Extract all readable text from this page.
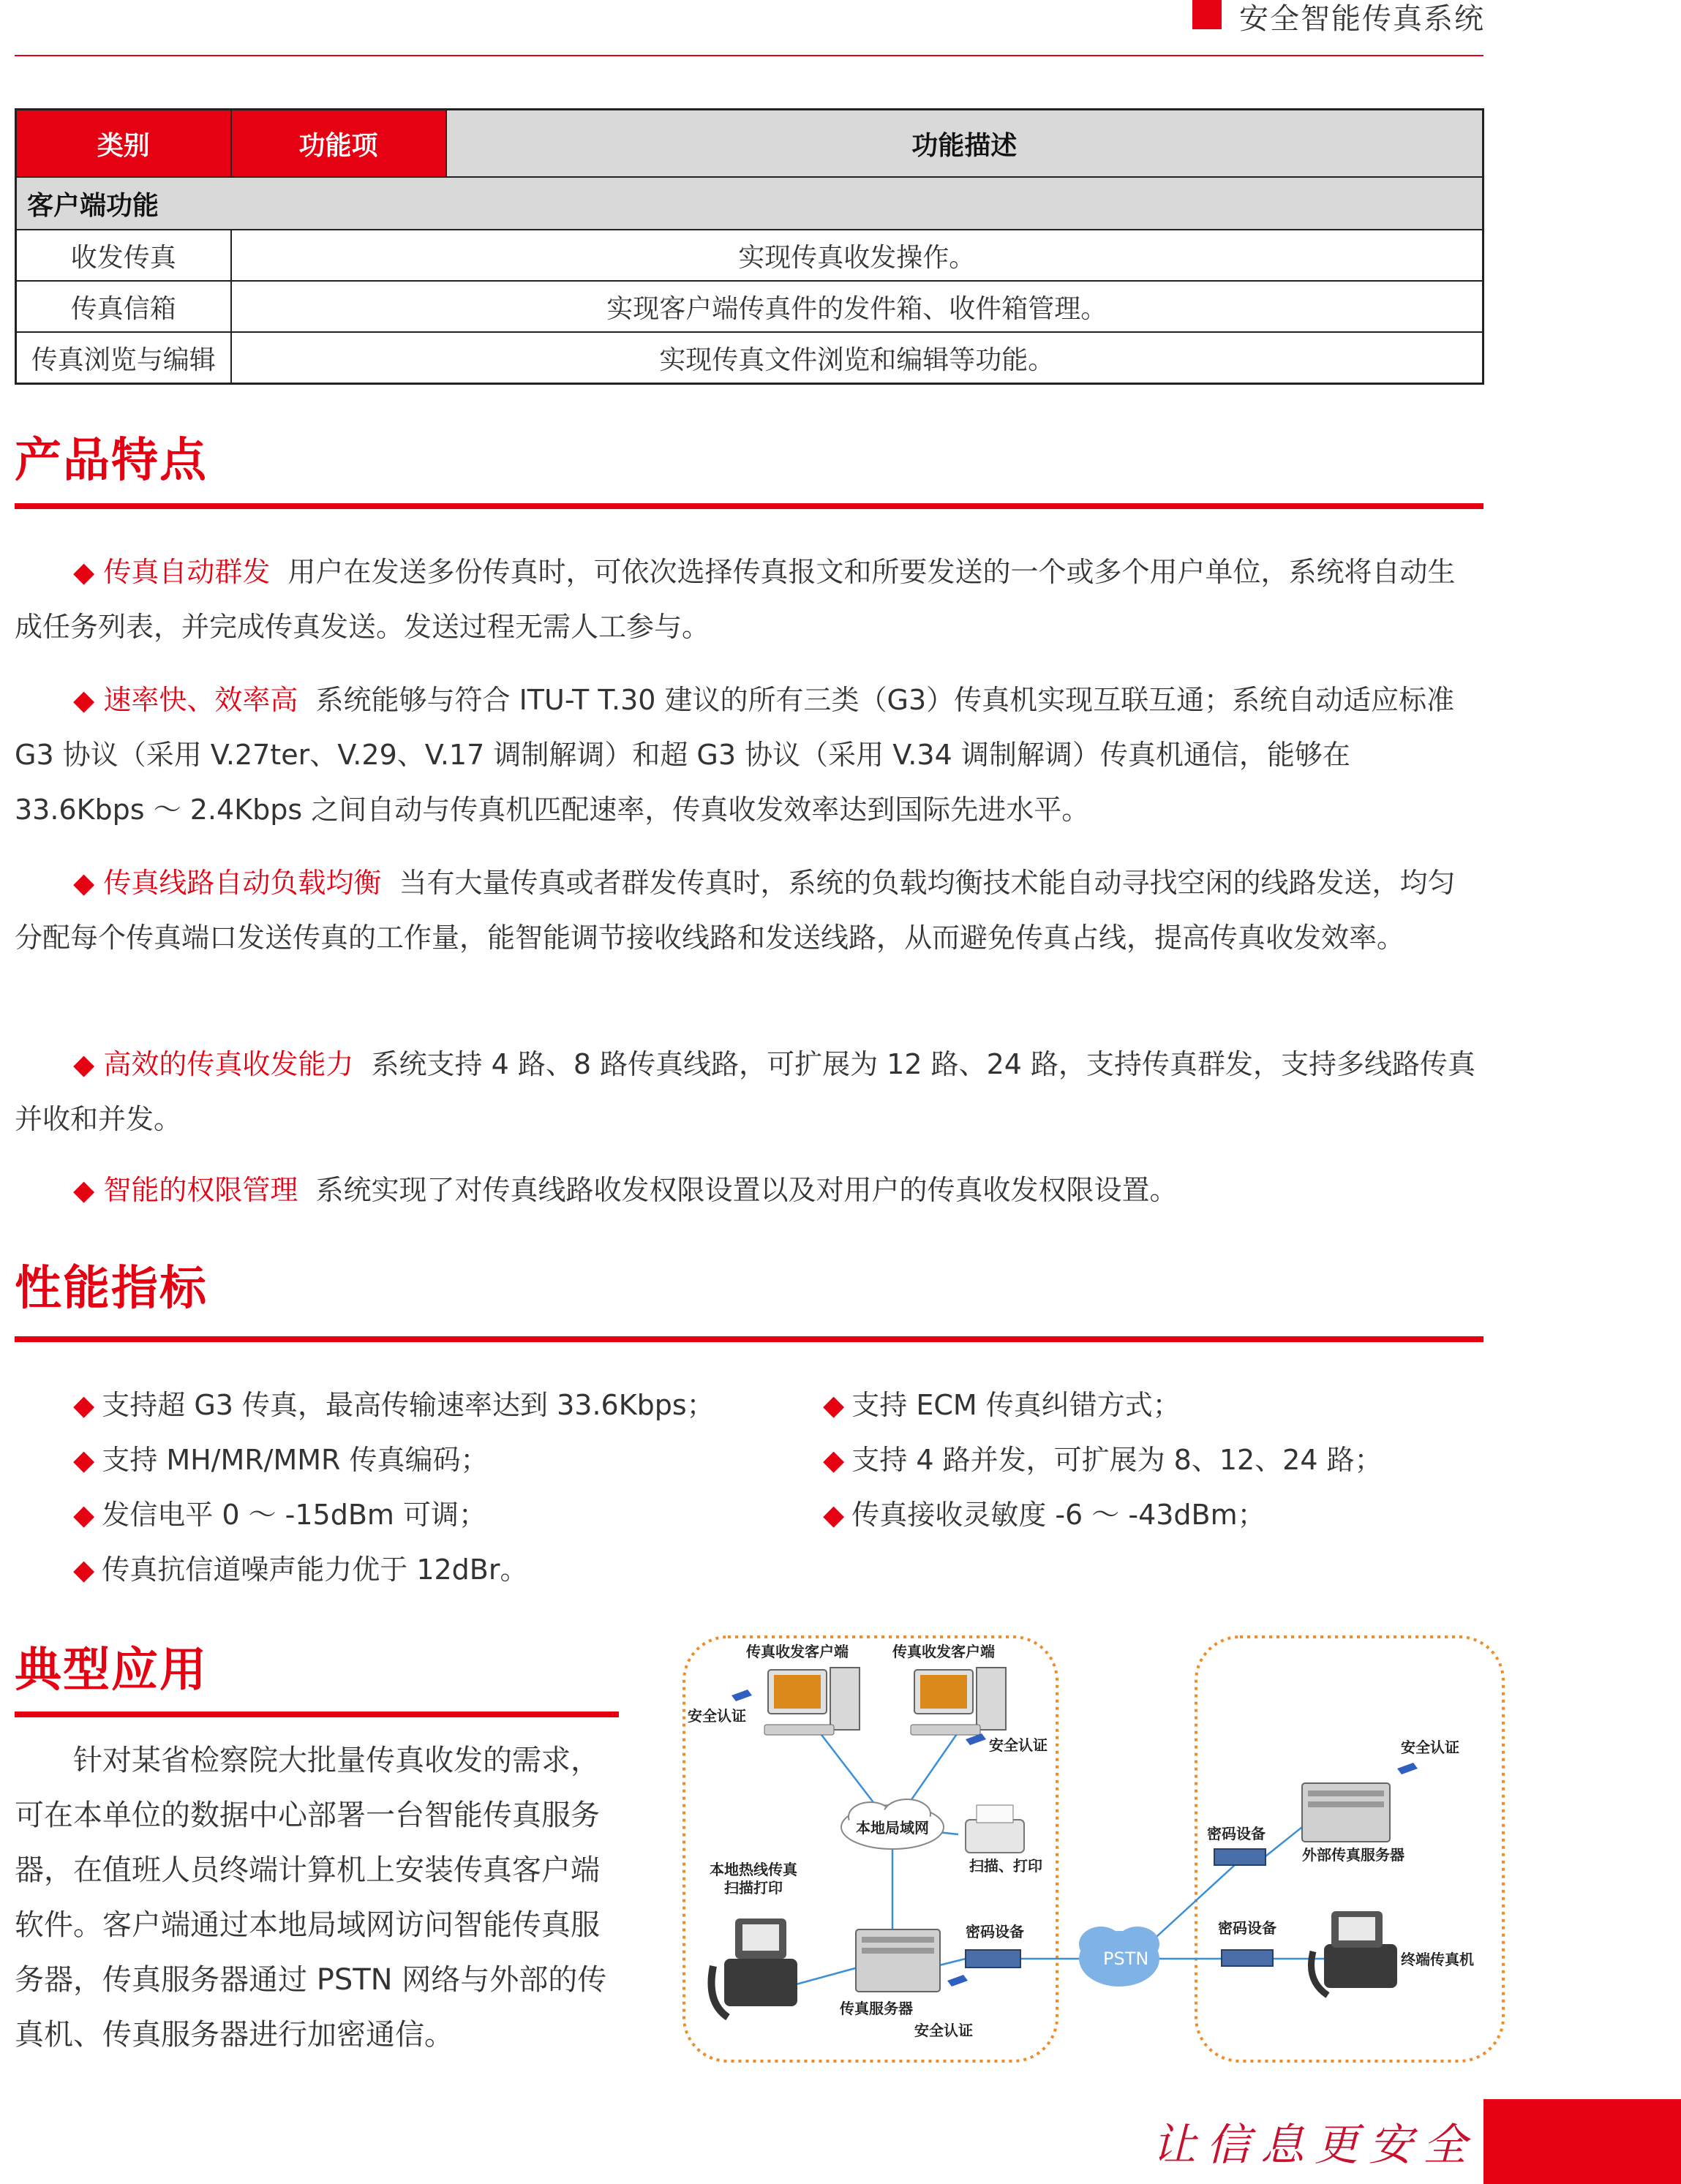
安全智能传真系统
类别	功能项	功能描述
客户端功能		
收发传真	实现传真收发操作。	
传真信箱	实现客户端传真件的发件箱、收件箱管理。	
传真浏览与编辑	实现传真文件浏览和编辑等功能。	
产品特点

◆ 传真自动群发 用户在发送多份传真时，可依次选择传真报文和所要发送的一个或多个用户单位，系统将自动生成任务列表，并完成传真发送。发送过程无需人工参与。

◆ 速率快、效率高 系统能够与符合 ITU-T T.30 建议的所有三类（G3）传真机实现互联互通；系统自动适应标准 G3 协议（采用 V.27ter、V.29、V.17 调制解调）和超 G3 协议（采用 V.34 调制解调）传真机通信，能够在 33.6Kbps ～ 2.4Kbps 之间自动与传真机匹配速率，传真收发效率达到国际先进水平。

◆ 传真线路自动负载均衡 当有大量传真或者群发传真时，系统的负载均衡技术能自动寻找空闲的线路发送，均匀分配每个传真端口发送传真的工作量，能智能调节接收线路和发送线路，从而避免传真占线，提高传真收发效率。

◆ 高效的传真收发能力 系统支持 4 路、8 路传真线路，可扩展为 12 路、24 路，支持传真群发，支持多线路传真并收和并发。

◆ 智能的权限管理 系统实现了对传真线路收发权限设置以及对用户的传真收发权限设置。

性能指标
◆ 支持超 G3 传真，最高传输速率达到 33.6Kbps；
◆ 支持 MH/MR/MMR 传真编码；
◆ 发信电平 0 ～ -15dBm 可调；
◆ 传真抗信道噪声能力优于 12dBr。
◆ 支持 ECM 传真纠错方式；
◆ 支持 4 路并发，可扩展为 8、12、24 路；
◆ 传真接收灵敏度 -6 ～ -43dBm；
典型应用

针对某省检察院大批量传真收发的需求，可在本单位的数据中心部署一台智能传真服务器，在值班人员终端计算机上安装传真客户端软件。客户端通过本地局域网访问智能传真服务器，传真服务器通过 PSTN 网络与外部的传真机、传真服务器进行加密通信。

传真收发客户端
安全认证
传真收发客户端
安全认证
本地局域网
扫描、打印
本地热线传真
扫描打印
传真服务器
安全认证
密码设备
PSTN
安全认证
外部传真服务器
密码设备
密码设备
终端传真机
让信息更安全
